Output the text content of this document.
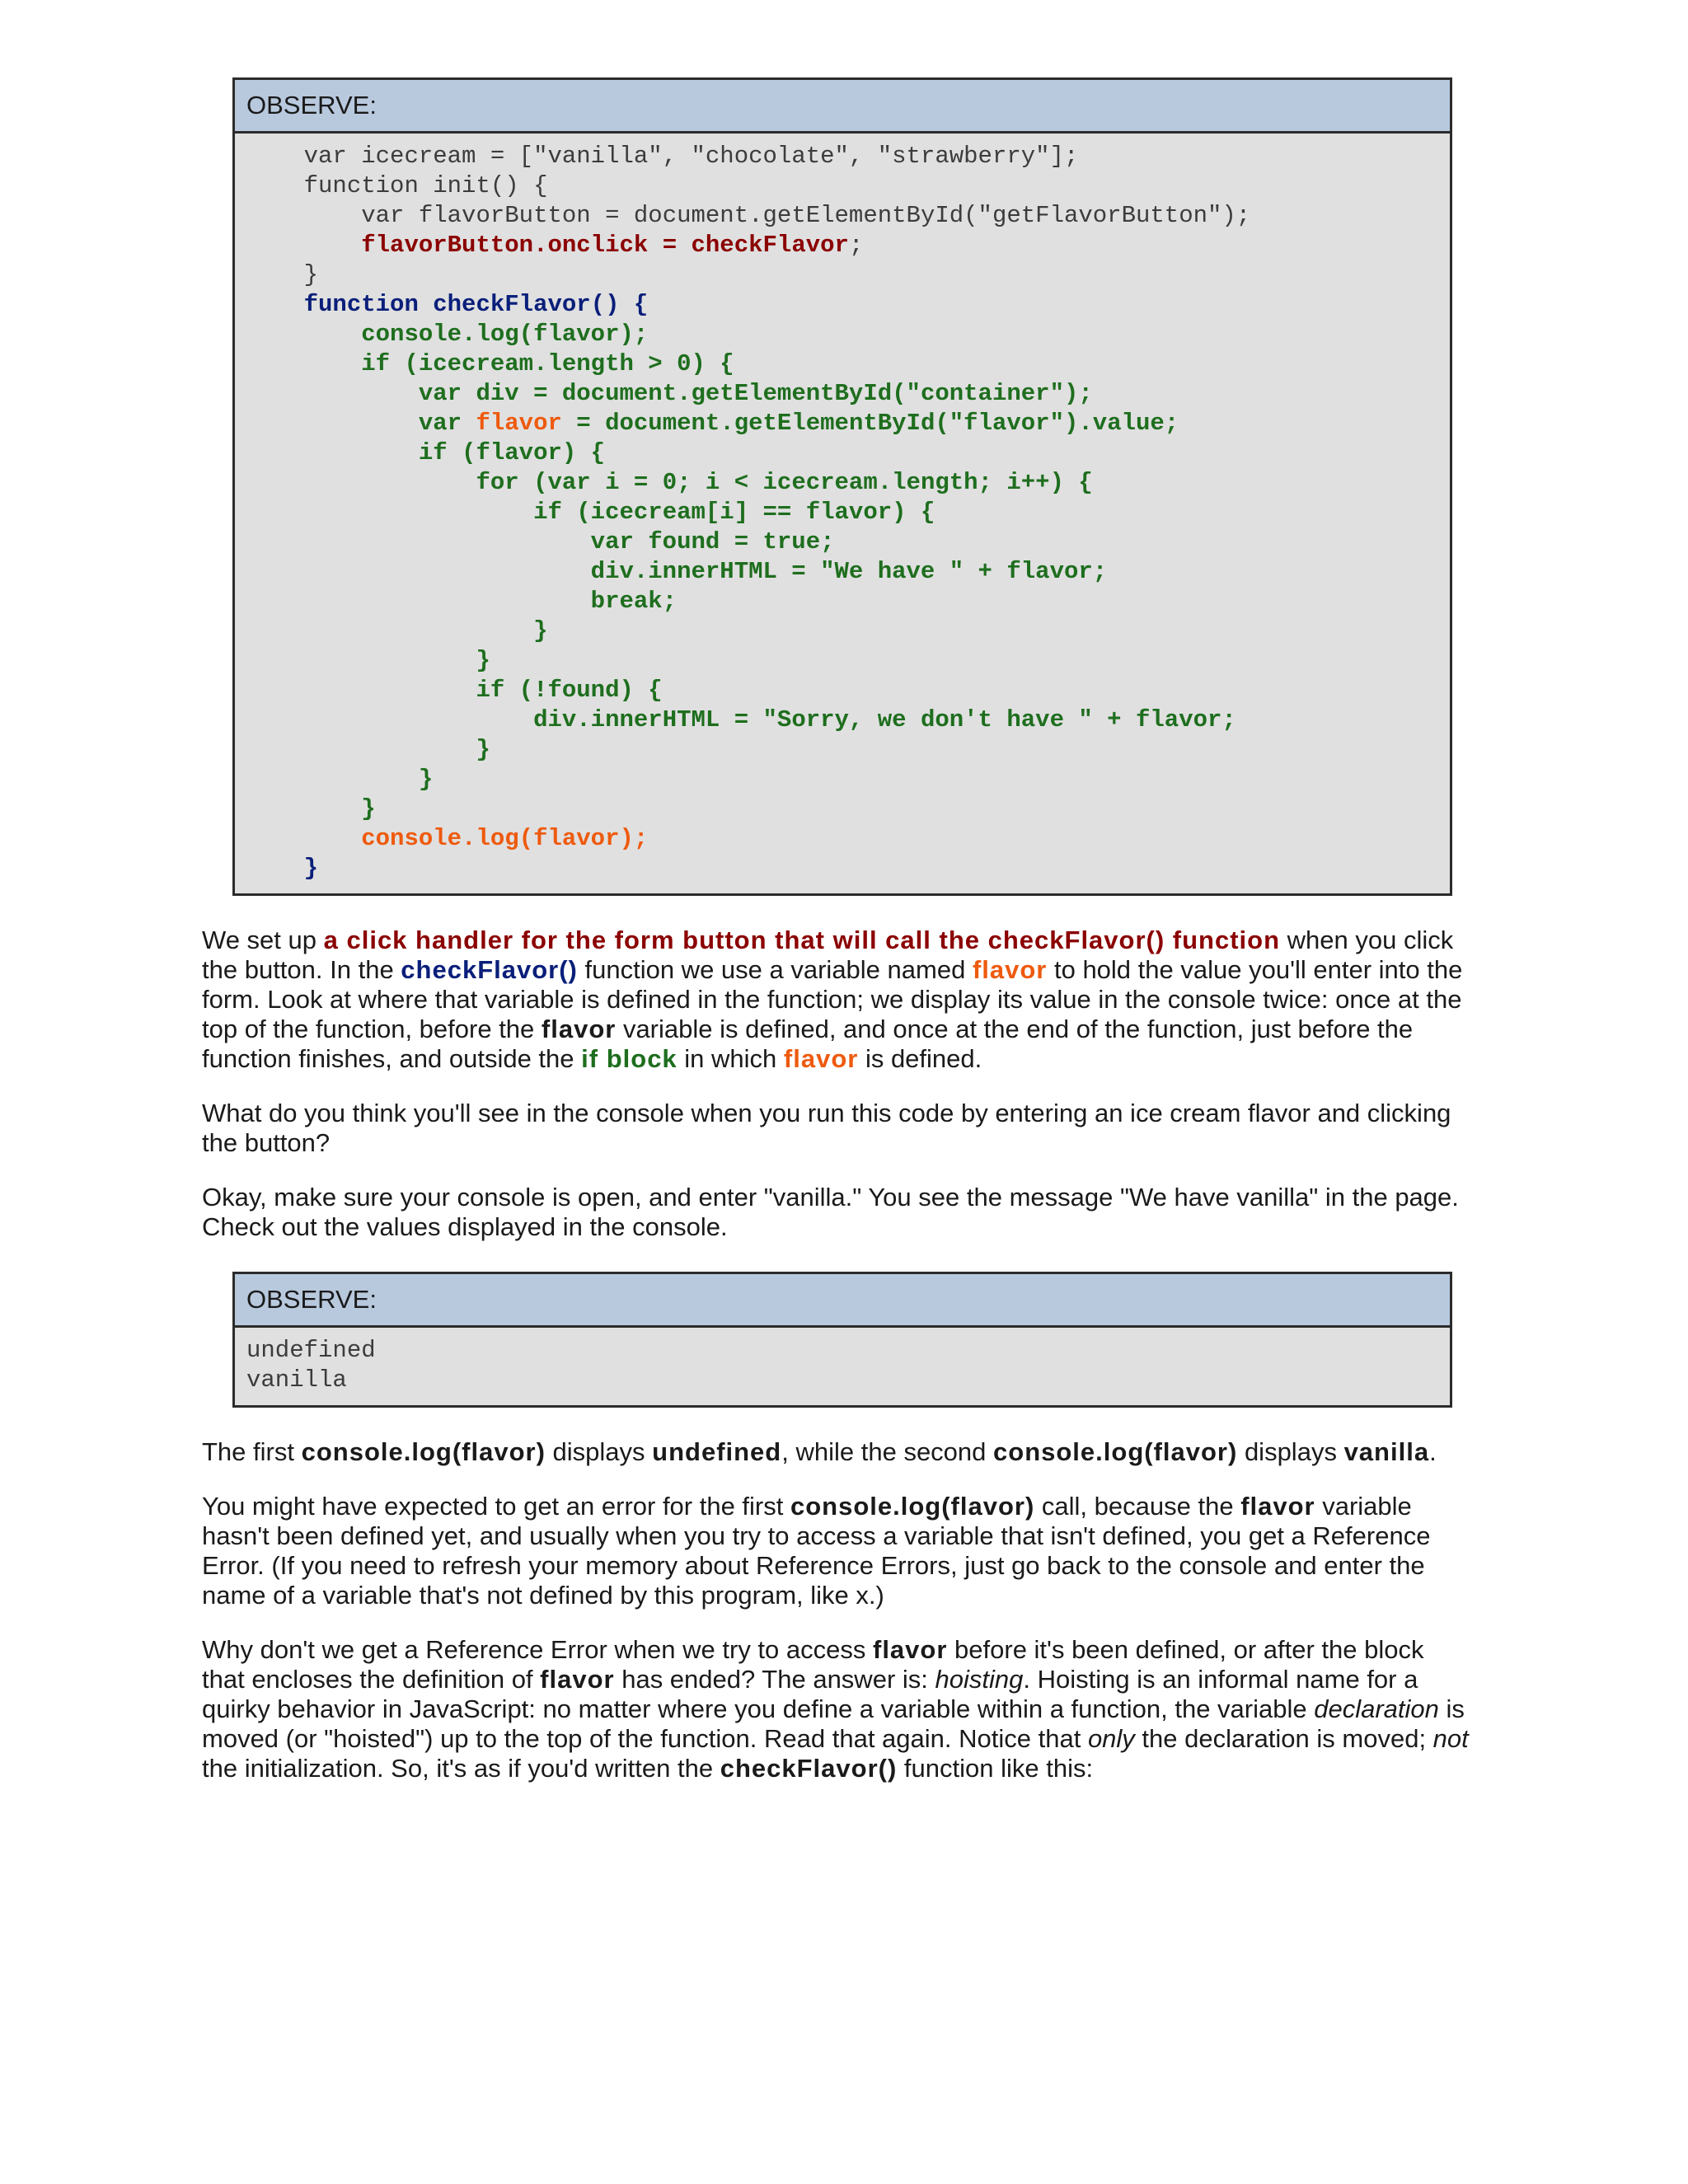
OBSERVE:
var icecream = ["vanilla", "chocolate", "strawberry"];
function init() {
var flavorButton = document.getElementById("getFlavorButton");
flavorButton.onclick = checkFlavor;
}
function checkFlavor() {
console.log(flavor);
if (icecream.length > 0) {
var div = document.getElementById("container");
var flavor = document.getElementById("flavor").value;
if (flavor) {
for (var i = 0; i < icecream.length; i++) {
if (icecream[i] == flavor) {
var found = true;
div.innerHTML = "We have " + flavor;
break;
}
}
if (!found) {
div.innerHTML = "Sorry, we don't have " + flavor;
}
}
}
console.log(flavor);
}

We set up a click handler for the form button that will call the checkFlavor() function when you click the button. In the checkFlavor() function we use a variable named flavor to hold the value you'll enter into the form. Look at where that variable is defined in the function; we display its value in the console twice: once at the top of the function, before the flavor variable is defined, and once at the end of the function, just before the function finishes, and outside the if block in which flavor is defined.

What do you think you'll see in the console when you run this code by entering an ice cream flavor and clicking the button?

Okay, make sure your console is open, and enter "vanilla." You see the message "We have vanilla" in the page. Check out the values displayed in the console.

OBSERVE:
undefined
vanilla

The first console.log(flavor) displays undefined, while the second console.log(flavor) displays vanilla.

You might have expected to get an error for the first console.log(flavor) call, because the flavor variable hasn't been defined yet, and usually when you try to access a variable that isn't defined, you get a Reference Error. (If you need to refresh your memory about Reference Errors, just go back to the console and enter the name of a variable that's not defined by this program, like x.)

Why don't we get a Reference Error when we try to access flavor before it's been defined, or after the block that encloses the definition of flavor has ended? The answer is: hoisting. Hoisting is an informal name for a quirky behavior in JavaScript: no matter where you define a variable within a function, the variable declaration is moved (or "hoisted") up to the top of the function. Read that again. Notice that only the declaration is moved; not the initialization. So, it's as if you'd written the checkFlavor() function like this:
